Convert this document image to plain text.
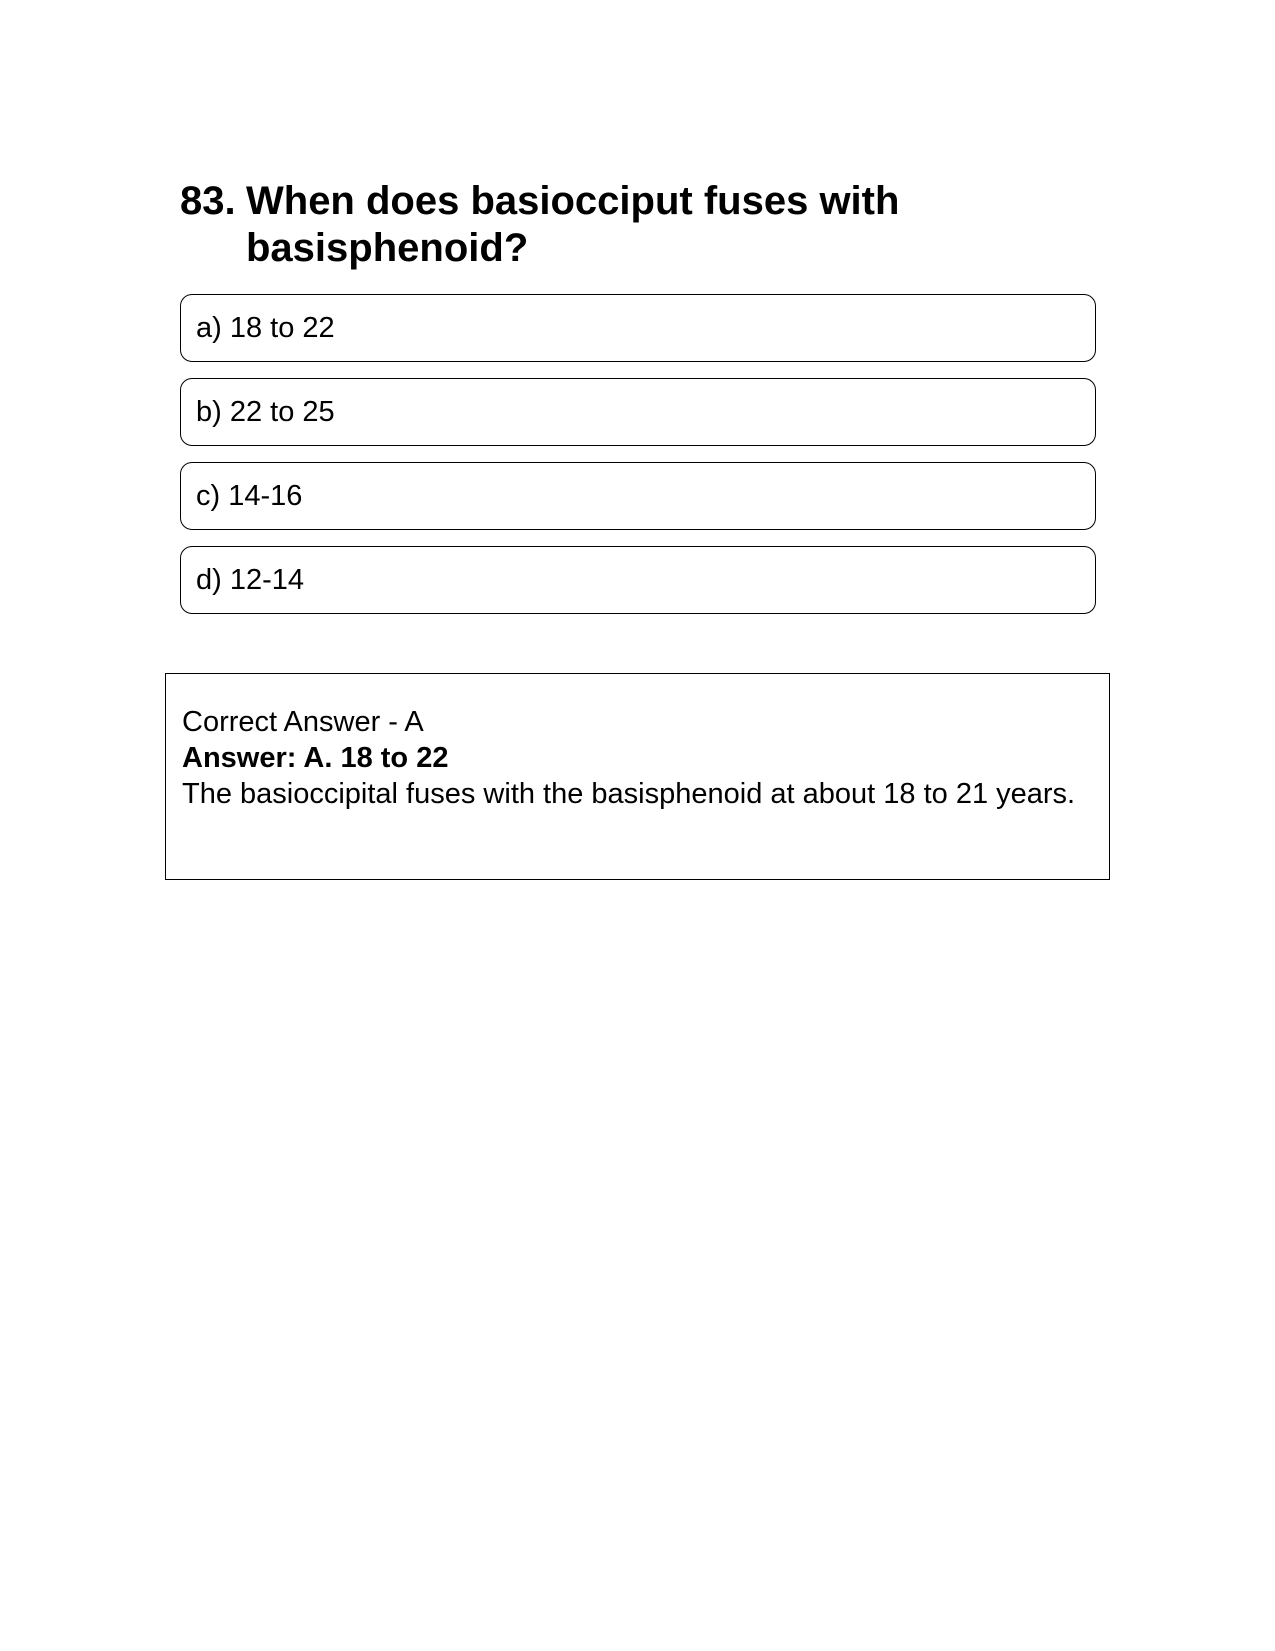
83. When does basiocciput fuses with basisphenoid?
a) 18 to 22
b) 22 to 25
c) 14-16
d) 12-14
Correct Answer - A
Answer: A. 18 to 22
The basioccipital fuses with the basisphenoid at about 18 to 21 years.
